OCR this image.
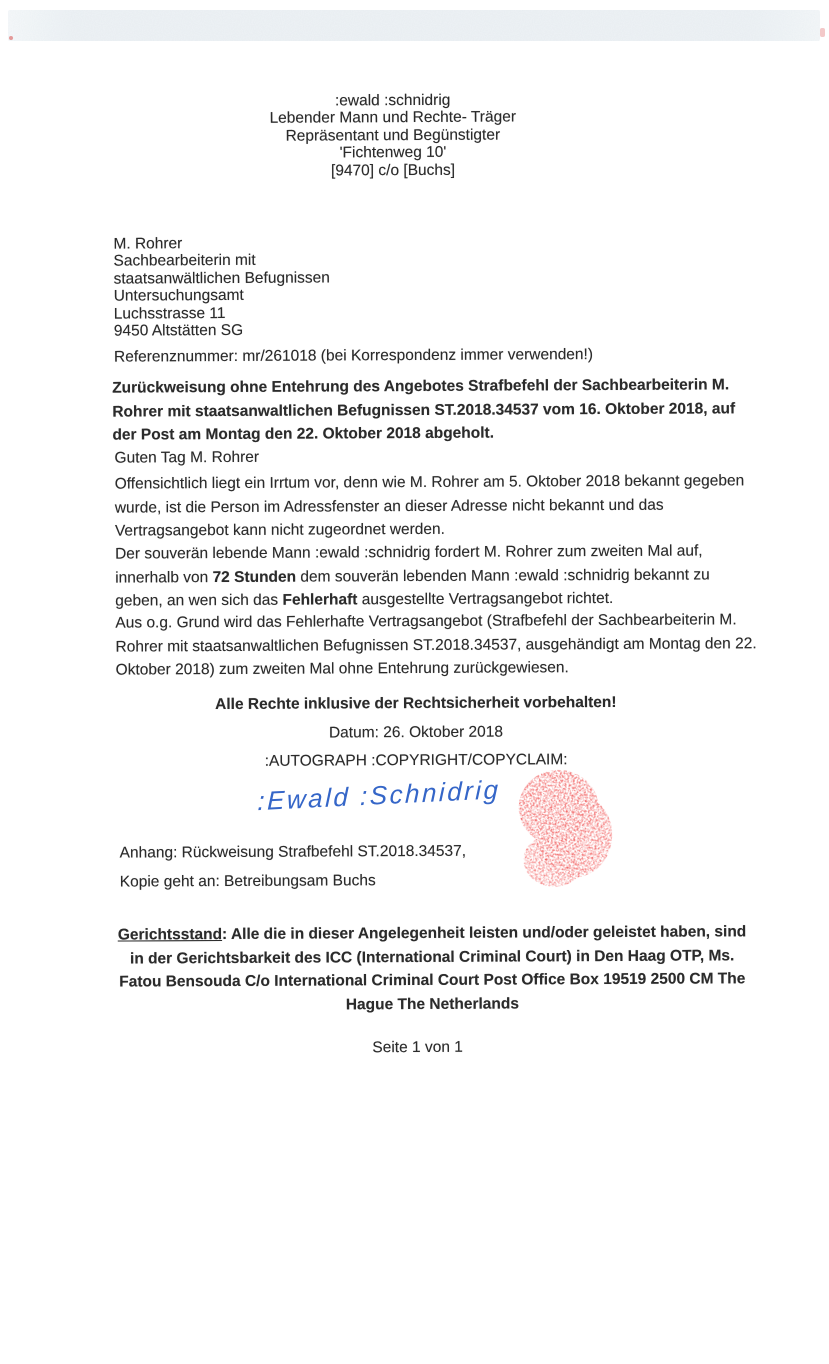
:ewald :schnidrig
Lebender Mann und Rechte- Träger
Repräsentant und Begünstigter
'Fichtenweg 10'
[9470] c/o [Buchs]
M. Rohrer
Sachbearbeiterin mit
staatsanwältlichen Befugnissen
Untersuchungsamt
Luchsstrasse 11
9450 Altstätten SG
Referenznummer: mr/261018 (bei Korrespondenz immer verwenden!)
Zurückweisung ohne Entehrung des Angebotes Strafbefehl der Sachbearbeiterin M. Rohrer mit staatsanwaltlichen Befugnissen ST.2018.34537 vom 16. Oktober 2018, auf der Post am Montag den 22. Oktober 2018 abgeholt.
Guten Tag M. Rohrer
Offensichtlich liegt ein Irrtum vor, denn wie M. Rohrer am 5. Oktober 2018 bekannt gegeben wurde, ist die Person im Adressfenster an dieser Adresse nicht bekannt und das Vertragsangebot kann nicht zugeordnet werden.
Der souverän lebende Mann :ewald :schnidrig fordert M. Rohrer zum zweiten Mal auf, innerhalb von 72 Stunden dem souverän lebenden Mann :ewald :schnidrig bekannt zu geben, an wen sich das Fehlerhaft ausgestellte Vertragsangebot richtet.
Aus o.g. Grund wird das Fehlerhafte Vertragsangebot (Strafbefehl der Sachbearbeiterin M. Rohrer mit staatsanwaltlichen Befugnissen ST.2018.34537, ausgehändigt am Montag den 22. Oktober 2018) zum zweiten Mal ohne Entehrung zurückgewiesen.
Alle Rechte inklusive der Rechtsicherheit vorbehalten!
Datum: 26. Oktober 2018
:AUTOGRAPH :COPYRIGHT/COPYCLAIM:
:Ewald :Schnidrig
Anhang: Rückweisung Strafbefehl ST.2018.34537,
Kopie geht an: Betreibungsam Buchs
Gerichtsstand: Alle die in dieser Angelegenheit leisten und/oder geleistet haben, sind in der Gerichtsbarkeit des ICC (International Criminal Court) in Den Haag OTP, Ms. Fatou Bensouda C/o International Criminal Court Post Office Box 19519 2500 CM The Hague The Netherlands
Seite 1 von 1
